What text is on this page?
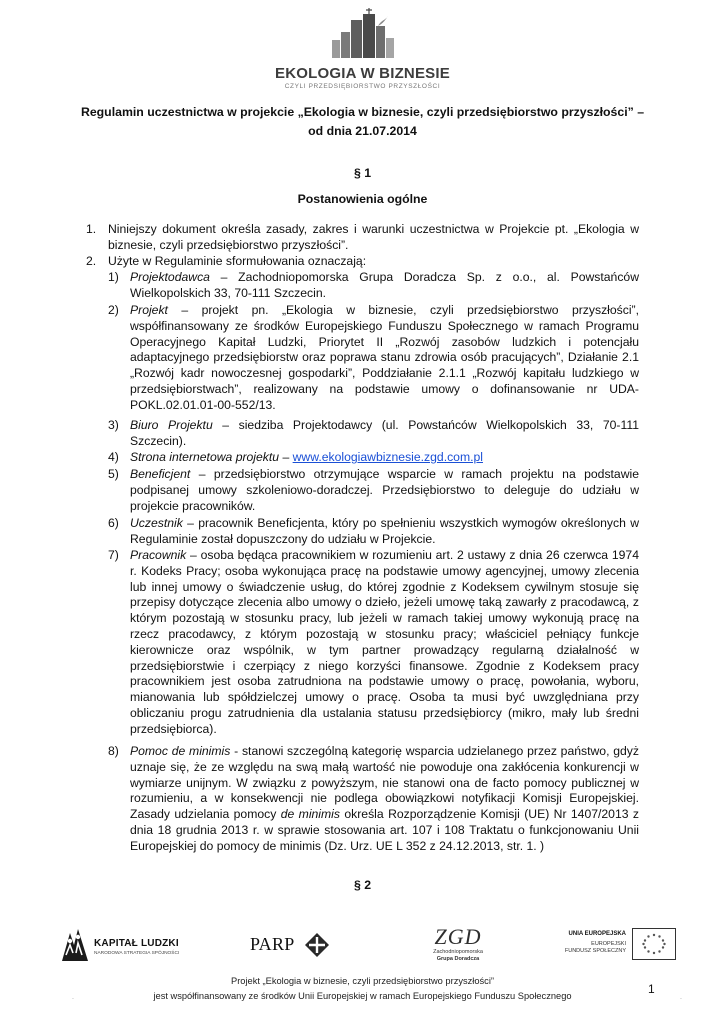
EKOLOGIA W BIZNESIE
CZYLI PRZEDSIĘBIORSTWO PRZYSZŁOŚCI
Regulamin uczestnictwa w projekcie „Ekologia w biznesie, czyli przedsiębiorstwo przyszłości” – od dnia 21.07.2014
§ 1
Postanowienia ogólne
1. Niniejszy dokument określa zasady, zakres i warunki uczestnictwa w Projekcie pt. „Ekologia w biznesie, czyli przedsiębiorstwo przyszłości”.
2. Użyte w Regulaminie sformułowania oznaczają:
1) Projektodawca – Zachodniopomorska Grupa Doradcza Sp. z o.o., al. Powstańców Wielkopolskich 33, 70-111 Szczecin.
2) Projekt – projekt pn. „Ekologia w biznesie, czyli przedsiębiorstwo przyszłości”, współfinansowany ze środków Europejskiego Funduszu Społecznego w ramach Programu Operacyjnego Kapitał Ludzki, Priorytet II „Rozwój zasobów ludzkich i potencjału adaptacyjnego przedsiębiorstw oraz poprawa stanu zdrowia osób pracujących”, Działanie 2.1 „Rozwój kadr nowoczesnej gospodarki”, Poddziałanie 2.1.1 „Rozwój kapitału ludzkiego w przedsiębiorstwach”, realizowany na podstawie umowy o dofinansowanie nr UDA-POKL.02.01.01-00-552/13.
3) Biuro Projektu – siedziba Projektodawcy (ul. Powstańców Wielkopolskich 33, 70-111 Szczecin).
4) Strona internetowa projektu – www.ekologiawbiznesie.zgd.com.pl
5) Beneficjent – przedsiębiorstwo otrzymujące wsparcie w ramach projektu na podstawie podpisanej umowy szkoleniowo-doradczej. Przedsiębiorstwo to deleguje do udziału w projekcie pracowników.
6) Uczestnik – pracownik Beneficjenta, który po spełnieniu wszystkich wymogów określonych w Regulaminie został dopuszczony do udziału w Projekcie.
7) Pracownik – osoba będąca pracownikiem w rozumieniu art. 2 ustawy z dnia 26 czerwca 1974 r. Kodeks Pracy; osoba wykonująca pracę na podstawie umowy agencyjnej, umowy zlecenia lub innej umowy o świadczenie usług, do której zgodnie z Kodeksem cywilnym stosuje się przepisy dotyczące zlecenia albo umowy o dzieło, jeżeli umowę taką zawarły z pracodawcą, z którym pozostają w stosunku pracy, lub jeżeli w ramach takiej umowy wykonują pracę na rzecz pracodawcy, z którym pozostają w stosunku pracy; właściciel pełniący funkcje kierownicze oraz wspólnik, w tym partner prowadzący regularną działalność w przedsiębiorstwie i czerpiący z niego korzyści finansowe. Zgodnie z Kodeksem pracy pracownikiem jest osoba zatrudniona na podstawie umowy o pracę, powołania, wyboru, mianowania lub spółdzielczej umowy o pracę. Osoba ta musi być uwzględniana przy obliczaniu progu zatrudnienia dla ustalania statusu przedsiębiorcy (mikro, mały lub średni przedsiębiorca).
8) Pomoc de minimis - stanowi szczególną kategorię wsparcia udzielanego przez państwo, gdyż uznaje się, że ze względu na swą małą wartość nie powoduje ona zakłócenia konkurencji w wymiarze unijnym. W związku z powyższym, nie stanowi ona de facto pomocy publicznej w rozumieniu, a w konsekwencji nie podlega obowiązkowi notyfikacji Komisji Europejskiej. Zasady udzielania pomocy de minimis określa Rozporządzenie Komisji (UE) Nr 1407/2013 z dnia 18 grudnia 2013 r. w sprawie stosowania art. 107 i 108 Traktatu o funkcjonowaniu Unii Europejskiej do pomocy de minimis (Dz. Urz. UE L 352 z 24.12.2013, str. 1. )
§ 2
KAPITAŁ LUDZKI
NARODOWA STRATEGIA SPÓJNOŚCI	PARP	ZGD
Zachodniopomorska
Grupa Doradcza
UNIA EUROPEJSKA
EUROPEJSKI
FUNDUSZ SPOŁECZNY
Projekt „Ekologia w biznesie, czyli przedsiębiorstwo przyszłości”
jest współfinansowany ze środków Unii Europejskiej w ramach Europejskiego Funduszu Społecznego	1
.	.
